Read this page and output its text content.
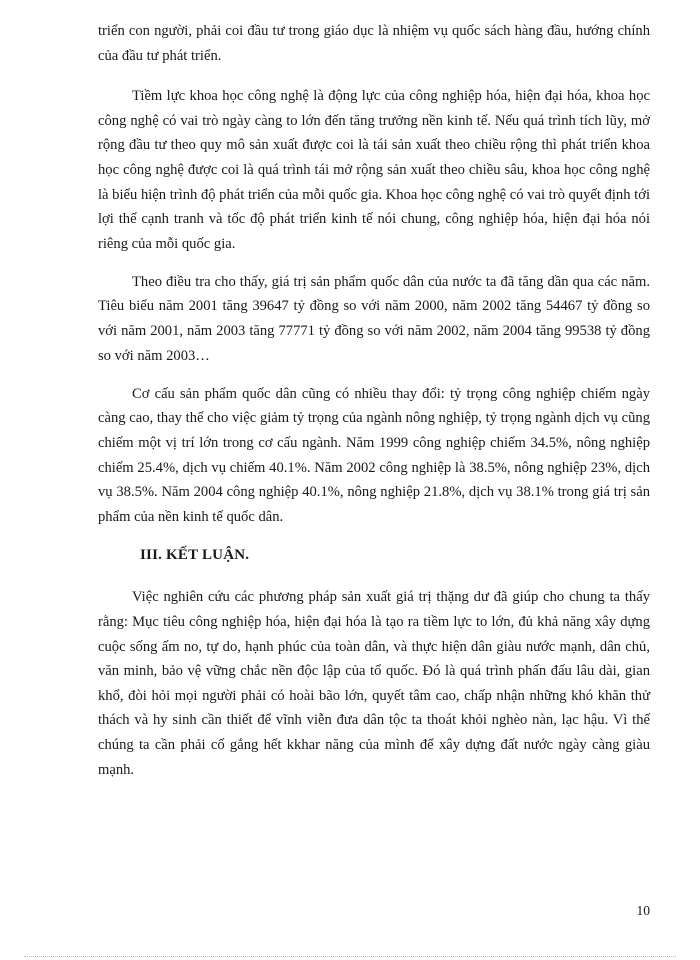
triển con người, phải coi đầu tư trong giáo dục là nhiệm vụ quốc sách hàng đầu, hướng chính của đầu tư phát triển.

Tiềm lực khoa học công nghệ là động lực của công nghiệp hóa, hiện đại hóa, khoa học công nghệ có vai trò ngày càng to lớn đến tăng trưởng nền kinh tế. Nếu quá trình tích lũy, mở rộng đầu tư theo quy mô sản xuất được coi là tái sản xuất theo chiều rộng thì phát triển khoa học công nghệ được coi là quá trình tái mở rộng sản xuất theo chiều sâu, khoa học công nghệ là biểu hiện trình độ phát triển của mỗi quốc gia. Khoa học công nghệ có vai trò quyết định tới lợi thế cạnh tranh và tốc độ phát triển kinh tế nói chung, công nghiệp hóa, hiện đại hóa nói riêng của mỗi quốc gia.

Theo điều tra cho thấy, giá trị sản phẩm quốc dân của nước ta đã tăng dần qua các năm. Tiêu biểu năm 2001 tăng 39647 tỷ đồng so với năm 2000, năm 2002 tăng 54467 tỷ đồng so với năm 2001, năm 2003 tăng 77771 tỷ đồng so với năm 2002, năm 2004 tăng 99538 tỷ đồng so với năm 2003…

Cơ cấu sản phẩm quốc dân cũng có nhiều thay đổi: tỷ trọng công nghiệp chiếm ngày càng cao, thay thế cho việc giảm tỷ trọng của ngành nông nghiệp, tỷ trọng ngành dịch vụ cũng chiếm một vị trí lớn trong cơ cấu ngành. Năm 1999 công nghiệp chiếm 34.5%, nông nghiệp chiếm 25.4%, dịch vụ chiếm 40.1%. Năm 2002 công nghiệp là 38.5%, nông nghiệp 23%, dịch vụ 38.5%. Năm 2004 công nghiệp 40.1%, nông nghiệp 21.8%, dịch vụ 38.1% trong giá trị sản phẩm của nền kinh tế quốc dân.

III. KẾT LUẬN.

Việc nghiên cứu các phương pháp sản xuất giá trị thặng dư đã giúp cho chung ta thấy rằng: Mục tiêu công nghiệp hóa, hiện đại hóa là tạo ra tiềm lực to lớn, đủ khả năng xây dựng cuộc sống ấm no, tự do, hạnh phúc của toàn dân, và thực hiện dân giàu nước mạnh, dân chủ, văn minh, bảo vệ vững chắc nền độc lập của tổ quốc. Đó là quá trình phấn đấu lâu dài, gian khổ, đòi hỏi mọi người phải có hoài bão lớn, quyết tâm cao, chấp nhận những khó khăn thử thách và hy sinh cần thiết để vĩnh viễn đưa dân tộc ta thoát khỏi nghèo nàn, lạc hậu. Vì thế chúng ta cần phải cố gắng hết kkhar năng của mình để xây dựng đất nước ngày càng giàu mạnh.

10
